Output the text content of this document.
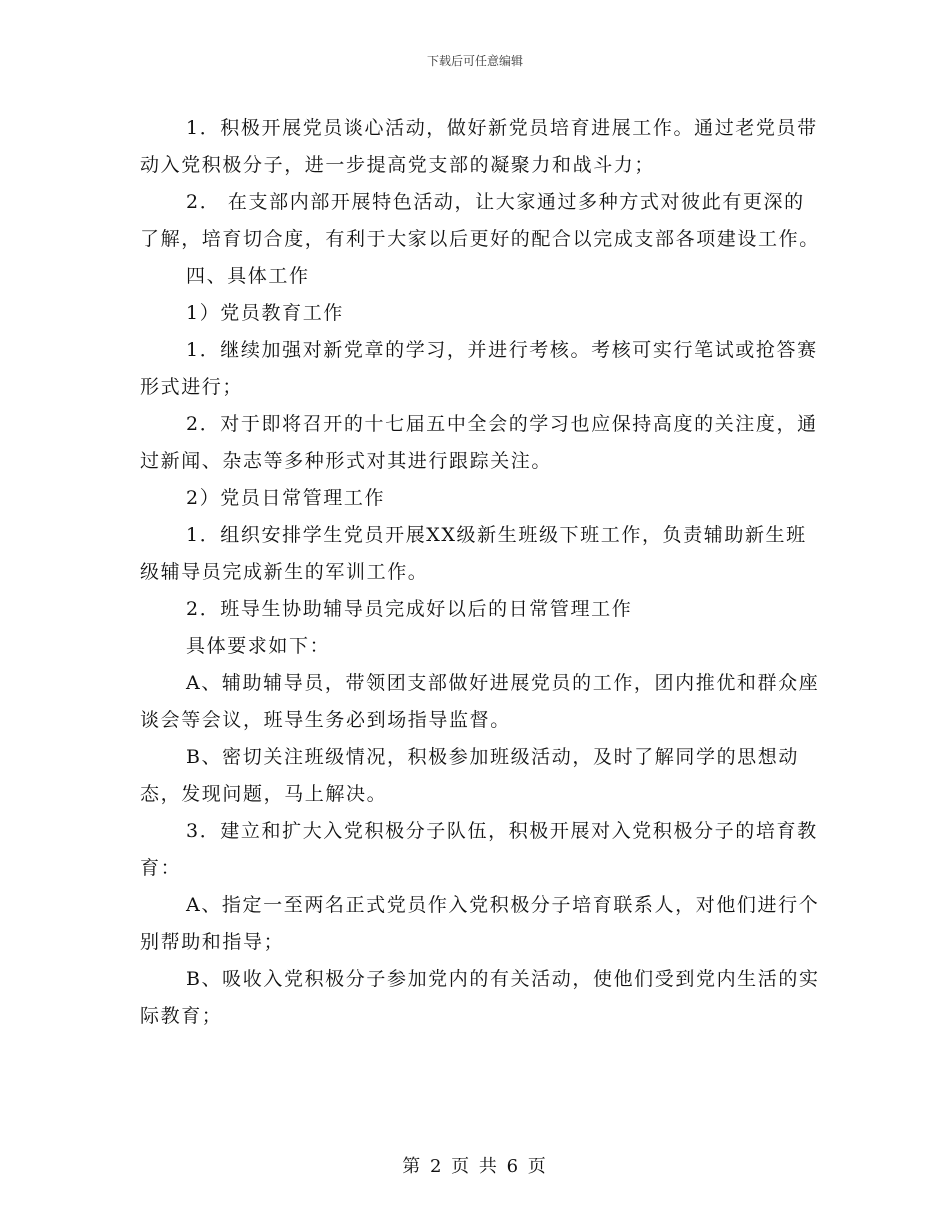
下载后可任意编辑

1．积极开展党员谈心活动，做好新党员培育进展工作。通过老党员带动入党积极分子，进一步提高党支部的凝聚力和战斗力；

2． 在支部内部开展特色活动，让大家通过多种方式对彼此有更深的了解，培育切合度，有利于大家以后更好的配合以完成支部各项建设工作。

四、具体工作

1）党员教育工作

1．继续加强对新党章的学习，并进行考核。考核可实行笔试或抢答赛形式进行；

2．对于即将召开的十七届五中全会的学习也应保持高度的关注度，通过新闻、杂志等多种形式对其进行跟踪关注。

2）党员日常管理工作

1．组织安排学生党员开展XX级新生班级下班工作，负责辅助新生班级辅导员完成新生的军训工作。

2．班导生协助辅导员完成好以后的日常管理工作

具体要求如下：

A、辅助辅导员，带领团支部做好进展党员的工作，团内推优和群众座谈会等会议，班导生务必到场指导监督。

B、密切关注班级情况，积极参加班级活动，及时了解同学的思想动态，发现问题，马上解决。

3．建立和扩大入党积极分子队伍，积极开展对入党积极分子的培育教育：

A、指定一至两名正式党员作入党积极分子培育联系人，对他们进行个别帮助和指导；

B、吸收入党积极分子参加党内的有关活动，使他们受到党内生活的实际教育；

第 2 页 共 6 页
